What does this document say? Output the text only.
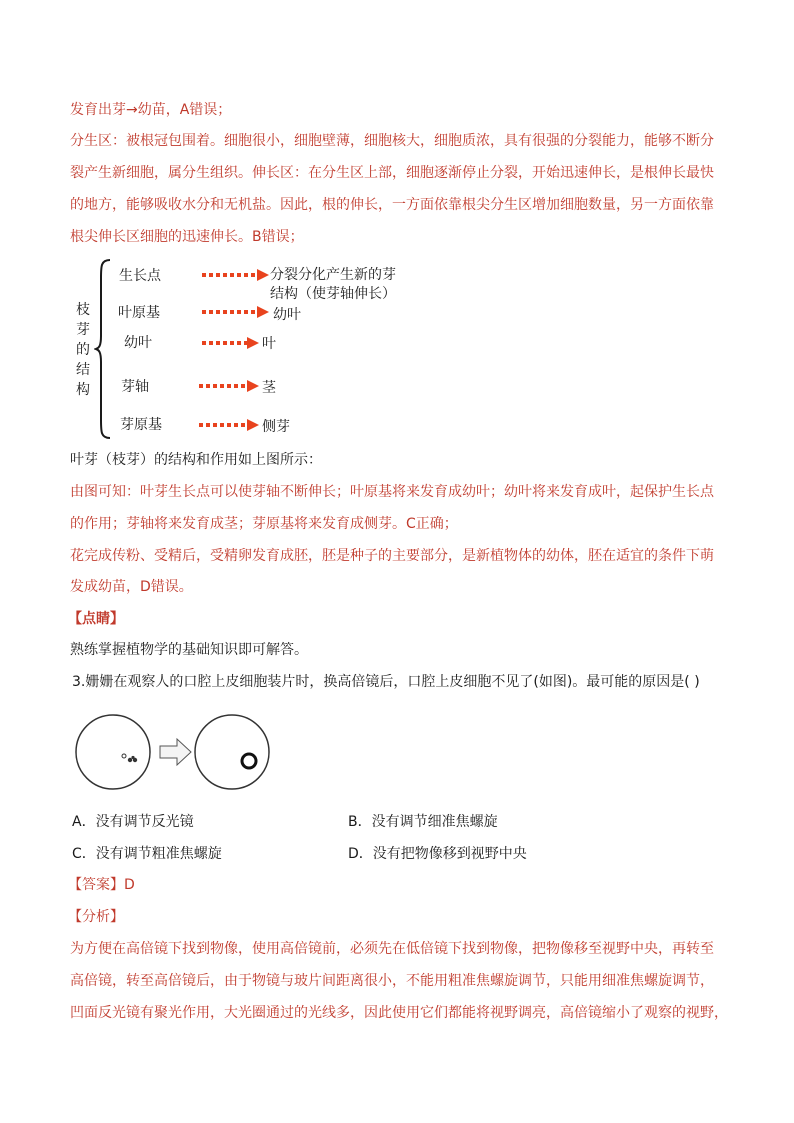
发育出芽→幼苗，A错误；
分生区：被根冠包围着。细胞很小，细胞壁薄，细胞核大，细胞质浓，具有很强的分裂能力，能够不断分
裂产生新细胞，属分生组织。伸长区：在分生区上部，细胞逐渐停止分裂，开始迅速伸长，是根伸长最快
的地方，能够吸收水分和无机盐。因此，根的伸长，一方面依靠根尖分生区增加细胞数量，另一方面依靠
根尖伸长区细胞的迅速伸长。B错误；
枝
芽
的
结
构
生长点
叶原基
幼叶
芽轴
芽原基
分裂分化产生新的芽
结构（使芽轴伸长）
幼叶
叶
茎
侧芽
叶芽（枝芽）的结构和作用如上图所示：
由图可知：叶芽生长点可以使芽轴不断伸长；叶原基将来发育成幼叶；幼叶将来发育成叶，起保护生长点
的作用；芽轴将来发育成茎；芽原基将来发育成侧芽。C正确；
花完成传粉、受精后，受精卵发育成胚，胚是种子的主要部分，是新植物体的幼体，胚在适宜的条件下萌
发成幼苗，D错误。
【点睛】
熟练掌握植物学的基础知识即可解答。
3.姗姗在观察人的口腔上皮细胞装片时，换高倍镜后，口腔上皮细胞不见了(如图)。最可能的原因是( )
A．没有调节反光镜	B．没有调节细准焦螺旋
C．没有调节粗准焦螺旋	D．没有把物像移到视野中央
【答案】D
【分析】
为方便在高倍镜下找到物像，使用高倍镜前，必须先在低倍镜下找到物像，把物像移至视野中央，再转至
高倍镜，转至高倍镜后，由于物镜与玻片间距离很小，不能用粗准焦螺旋调节，只能用细准焦螺旋调节，
凹面反光镜有聚光作用，大光圈通过的光线多，因此使用它们都能将视野调亮，高倍镜缩小了观察的视野，
